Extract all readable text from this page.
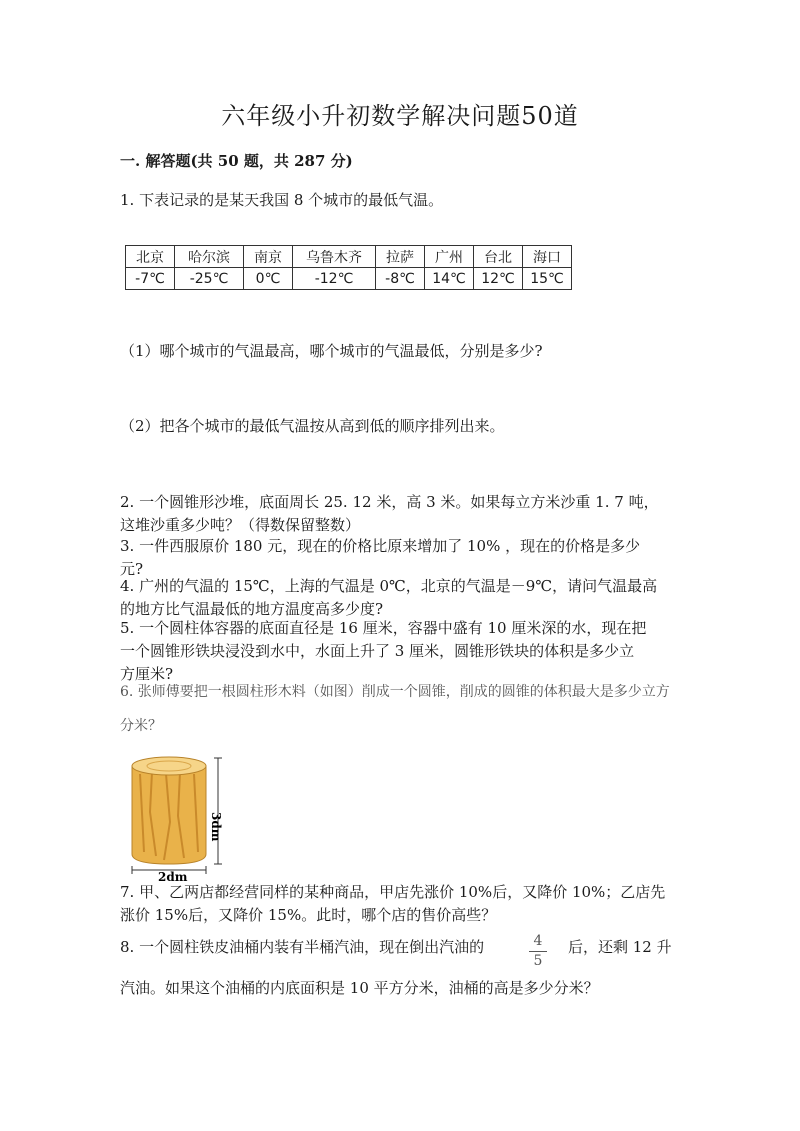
六年级小升初数学解决问题50道
一. 解答题(共 50 题，共 287 分)
1. 下表记录的是某天我国 8 个城市的最低气温。
北京	哈尔滨	南京	乌鲁木齐	拉萨	广州	台北	海口
-7℃	-25℃	0℃	-12℃	-8℃	14℃	12℃	15℃
（1）哪个城市的气温最高，哪个城市的气温最低，分别是多少?
（2）把各个城市的最低气温按从高到低的顺序排列出来。
2. 一个圆锥形沙堆，底面周长 25. 12 米，高 3 米。如果每立方米沙重 1. 7 吨，
这堆沙重多少吨？（得数保留整数）
3. 一件西服原价 180 元，现在的价格比原来增加了 10% ，现在的价格是多少
元?
4. 广州的气温的 15℃，上海的气温是 0℃，北京的气温是－9℃，请问气温最高
的地方比气温最低的地方温度高多少度?
5. 一个圆柱体容器的底面直径是 16 厘米，容器中盛有 10 厘米深的水，现在把
一个圆锥形铁块浸没到水中，水面上升了 3 厘米，圆锥形铁块的体积是多少立
方厘米?
6. 张师傅要把一根圆柱形木料（如图）削成一个圆锥，削成的圆锥的体积最大是多少立方
分米？
3dm
2dm
7. 甲、乙两店都经营同样的某种商品，甲店先涨价 10%后，又降价 10%；乙店先
涨价 15%后，又降价 15%。此时，哪个店的售价高些？
8. 一个圆柱铁皮油桶内装有半桶汽油，现在倒出汽油的	4
5
后，还剩 12 升
汽油。如果这个油桶的内底面积是 10 平方分米，油桶的高是多少分米？
